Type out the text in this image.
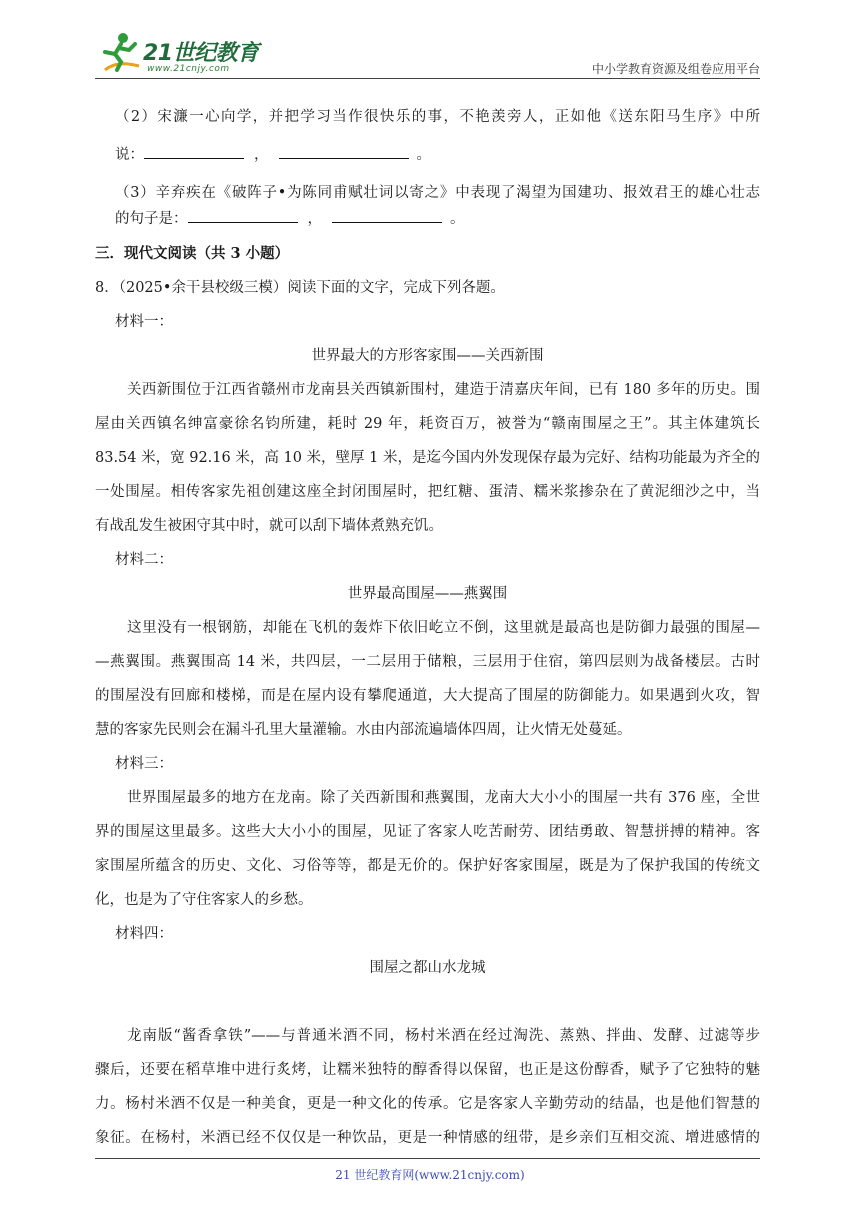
21世纪教育
www.21cnjy.com	中小学教育资源及组卷应用平台
（2）宋濂一心向学，并把学习当作很快乐的事，不艳羡旁人，正如他《送东阳马生序》中所
说：	，	。
（3）辛弃疾在《破阵子•为陈同甫赋壮词以寄之》中表现了渴望为国建功、报效君王的雄心壮志
的句子是：	，	。
三．现代文阅读（共 3 小题）
8．（2025•余干县校级三模）阅读下面的文字，完成下列各题。
材料一：
世界最大的方形客家围——关西新围
关西新围位于江西省赣州市龙南县关西镇新围村，建造于清嘉庆年间，已有 180 多年的历史。围
屋由关西镇名绅富豪徐名钧所建，耗时 29 年，耗资百万，被誉为“赣南围屋之王”。其主体建筑长
83.54 米，宽 92.16 米，高 10 米，壁厚 1 米，是迄今国内外发现保存最为完好、结构功能最为齐全的
一处围屋。相传客家先祖创建这座全封闭围屋时，把红糖、蛋清、糯米浆掺杂在了黄泥细沙之中，当
有战乱发生被困守其中时，就可以刮下墙体煮熟充饥。
材料二：
世界最高围屋——燕翼围
这里没有一根钢筋，却能在飞机的轰炸下依旧屹立不倒，这里就是最高也是防御力最强的围屋—
—燕翼围。燕翼围高 14 米，共四层，一二层用于储粮，三层用于住宿，第四层则为战备楼层。古时
的围屋没有回廊和楼梯，而是在屋内设有攀爬通道，大大提高了围屋的防御能力。如果遇到火攻，智
慧的客家先民则会在漏斗孔里大量灌输。水由内部流遍墙体四周，让火情无处蔓延。
材料三：
世界围屋最多的地方在龙南。除了关西新围和燕翼围，龙南大大小小的围屋一共有 376 座，全世
界的围屋这里最多。这些大大小小的围屋，见证了客家人吃苦耐劳、团结勇敢、智慧拼搏的精神。客
家围屋所蕴含的历史、文化、习俗等等，都是无价的。保护好客家围屋，既是为了保护我国的传统文
化，也是为了守住客家人的乡愁。
材料四：
围屋之都山水龙城
龙南版“酱香拿铁”——与普通米酒不同，杨村米酒在经过淘洗、蒸熟、拌曲、发酵、过滤等步
骤后，还要在稻草堆中进行炙烤，让糯米独特的醇香得以保留，也正是这份醇香，赋予了它独特的魅
力。杨村米酒不仅是一种美食，更是一种文化的传承。它是客家人辛勤劳动的结晶，也是他们智慧的
象征。在杨村，米酒已经不仅仅是一种饮品，更是一种情感的纽带，是乡亲们互相交流、增进感情的
21 世纪教育网(www.21cnjy.com)
